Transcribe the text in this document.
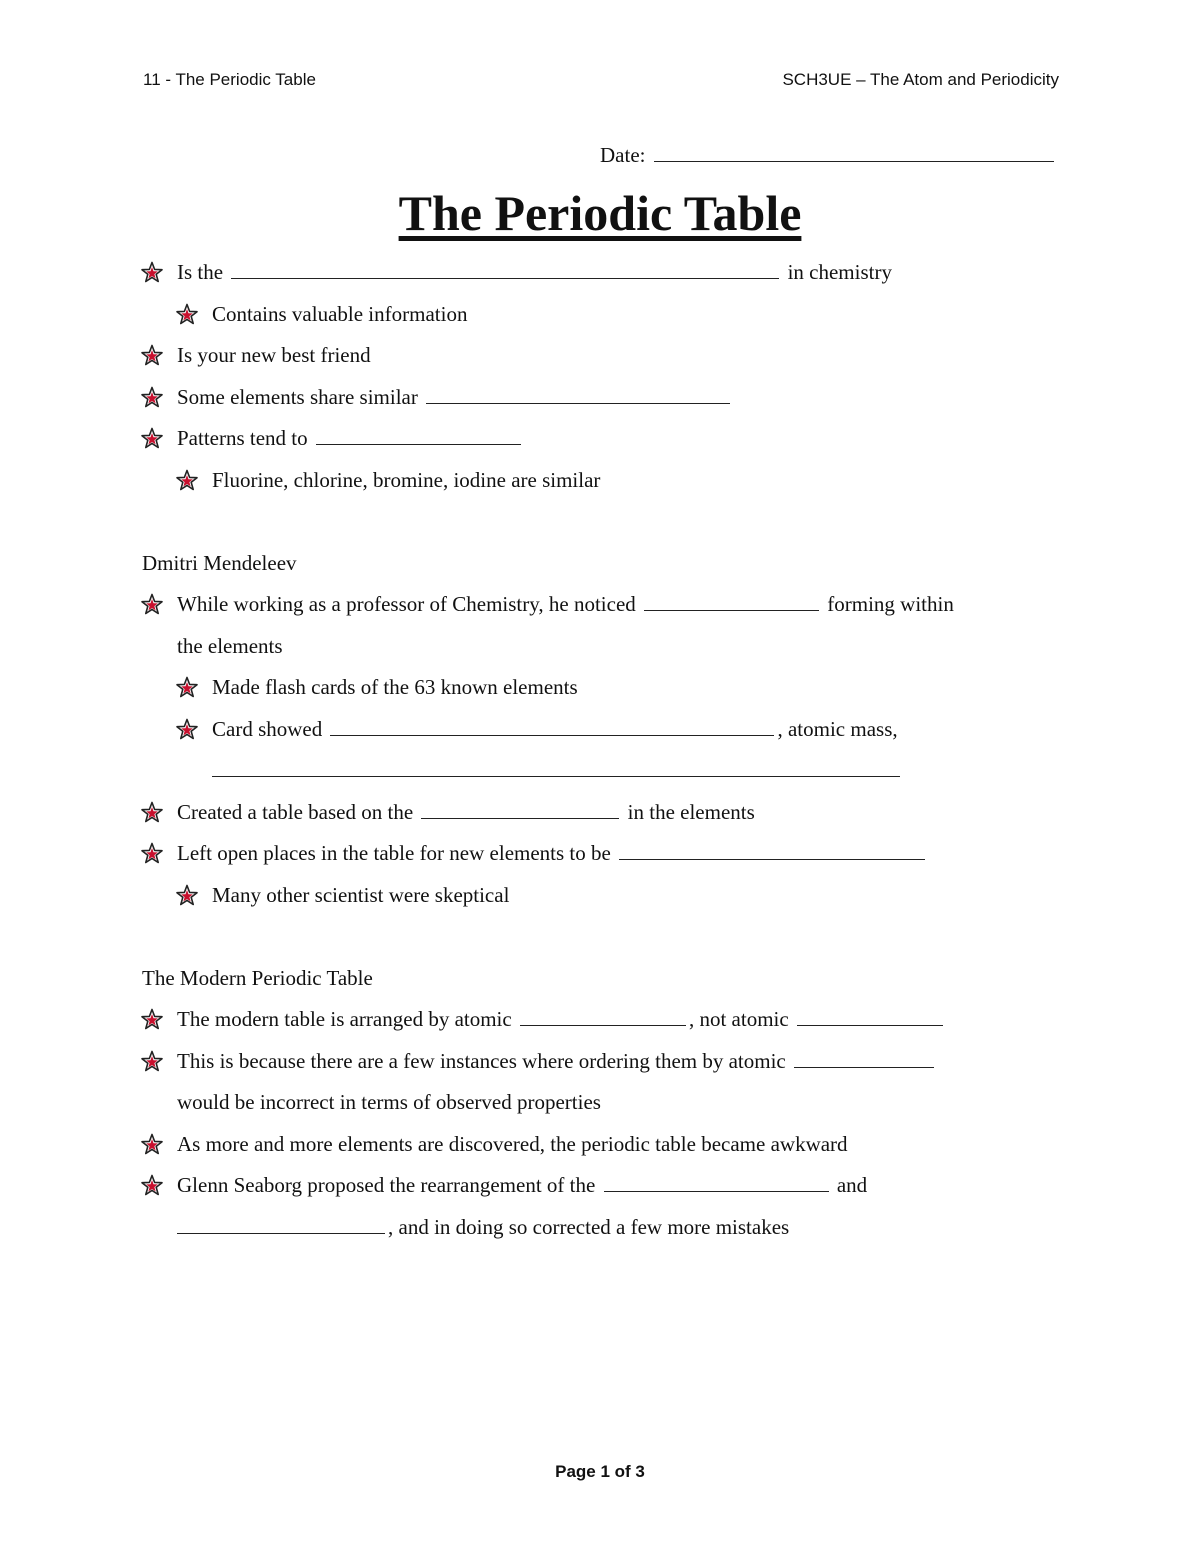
11 - The Periodic Table	SCH3UE – The Atom and Periodicity
Date:
The Periodic Table
Is the	in chemistry
Contains valuable information
Is your new best friend
Some elements share similar
Patterns tend to
Fluorine, chlorine, bromine, iodine are similar
Dmitri Mendeleev
While working as a professor of Chemistry, he noticed	forming within
the elements
Made flash cards of the 63 known elements
Card showed	, atomic mass,
Created a table based on the	in the elements
Left open places in the table for new elements to be
Many other scientist were skeptical
The Modern Periodic Table
The modern table is arranged by atomic	, not atomic
This is because there are a few instances where ordering them by atomic
would be incorrect in terms of observed properties
As more and more elements are discovered, the periodic table became awkward
Glenn Seaborg proposed the rearrangement of the	and
, and in doing so corrected a few more mistakes
Page 1 of 3
